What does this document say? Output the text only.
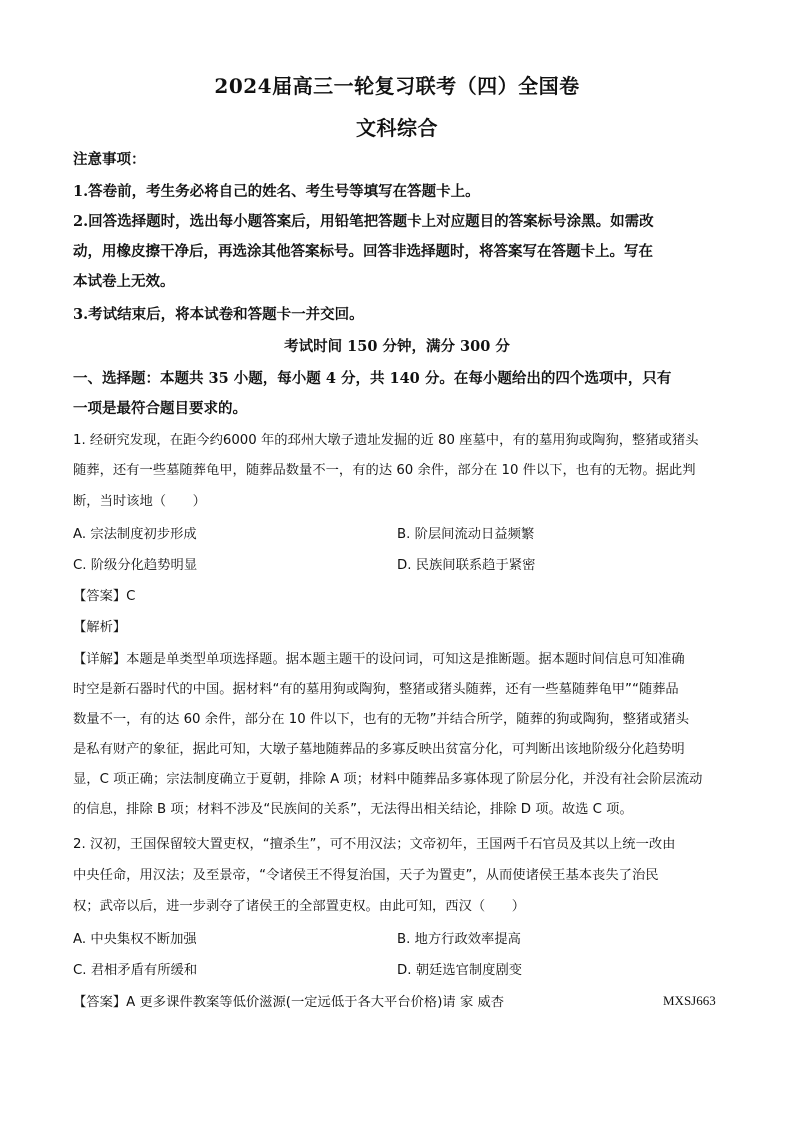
2024届高三一轮复习联考（四）全国卷
文科综合
注意事项：
1.答卷前，考生务必将自己的姓名、考生号等填写在答题卡上。
2.回答选择题时，选出每小题答案后，用铅笔把答题卡上对应题目的答案标号涂黑。如需改
动，用橡皮擦干净后，再选涂其他答案标号。回答非选择题时，将答案写在答题卡上。写在
本试卷上无效。
3.考试结束后，将本试卷和答题卡一并交回。
考试时间 150 分钟，满分 300 分
一、选择题：本题共 35 小题，每小题 4 分，共 140 分。在每小题给出的四个选项中，只有
一项是最符合题目要求的。
1. 经研究发现，在距今约6000 年的邳州大墩子遗址发掘的近 80 座墓中，有的墓用狗或陶狗，整猪或猪头
随葬，还有一些墓随葬龟甲，随葬品数量不一，有的达 60 余件，部分在 10 件以下，也有的无物。据此判
断，当时该地（　　）
A. 宗法制度初步形成	B. 阶层间流动日益频繁
C. 阶级分化趋势明显	D. 民族间联系趋于紧密
【答案】C
【解析】
【详解】本题是单类型单项选择题。据本题主题干的设问词，可知这是推断题。据本题时间信息可知准确
时空是新石器时代的中国。据材料“有的墓用狗或陶狗，整猪或猪头随葬，还有一些墓随葬龟甲”“随葬品
数量不一，有的达 60 余件，部分在 10 件以下，也有的无物”并结合所学，随葬的狗或陶狗，整猪或猪头
是私有财产的象征，据此可知，大墩子墓地随葬品的多寡反映出贫富分化，可判断出该地阶级分化趋势明
显，C 项正确；宗法制度确立于夏朝，排除 A 项；材料中随葬品多寡体现了阶层分化，并没有社会阶层流动
的信息，排除 B 项；材料不涉及“民族间的关系”，无法得出相关结论，排除 D 项。故选 C 项。
2. 汉初，王国保留较大置吏权，“擅杀生”，可不用汉法；文帝初年，王国两千石官员及其以上统一改由
中央任命，用汉法；及至景帝，“令诸侯王不得复治国，天子为置吏”，从而使诸侯王基本丧失了治民
权；武帝以后，进一步剥夺了诸侯王的全部置吏权。由此可知，西汉（　　）
A. 中央集权不断加强	B. 地方行政效率提高
C. 君相矛盾有所缓和	D. 朝廷选官制度剧变
【答案】A 更多课件教案等低价滋源(一定远低于各大平台价格)请 家 威杏	MXSJ663
